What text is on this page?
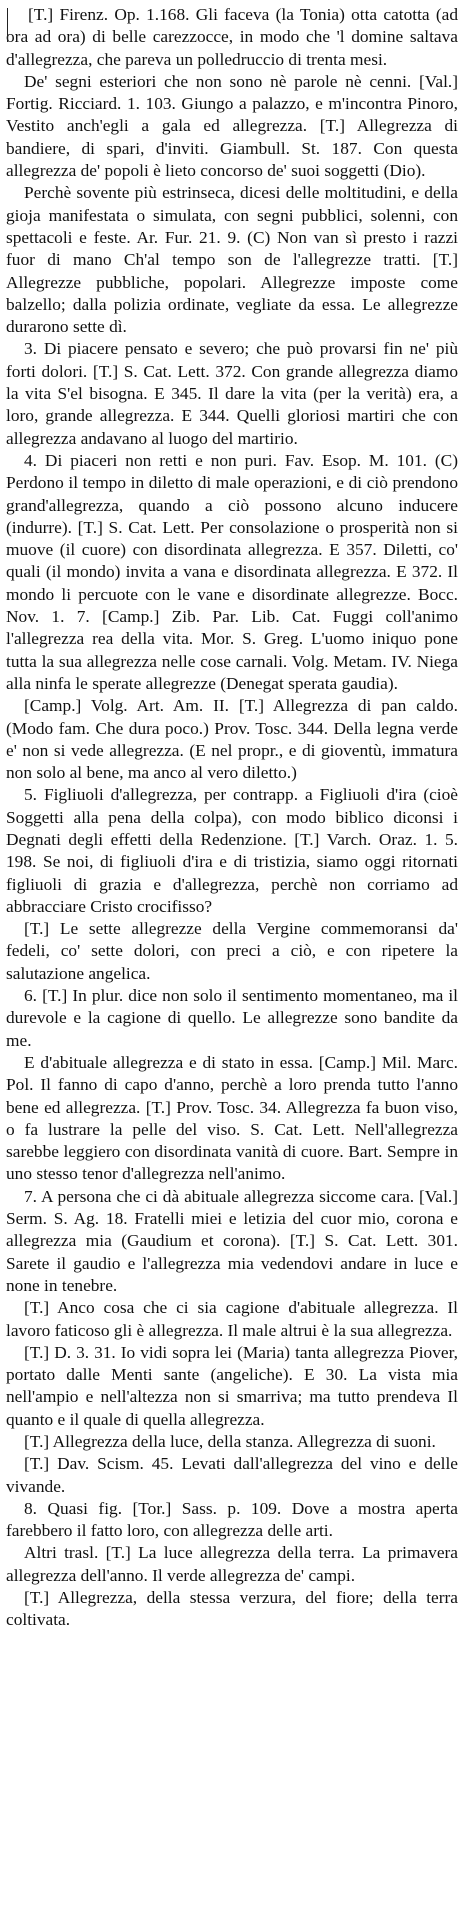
[T.] Firenz. Op. 1.168. Gli faceva (la Tonia) otta catotta (ad ora ad ora) di belle carezzocce, in modo che 'l domine saltava d'allegrezza, che pareva un polledruccio di trenta mesi.

De' segni esteriori che non sono nè parole nè cenni. [Val.] Fortig. Ricciard. 1. 103. Giungo a palazzo, e m'incontra Pinoro, Vestito anch'egli a gala ed allegrezza. [T.] Allegrezza di bandiere, di spari, d'inviti. Giambull. St. 187. Con questa allegrezza de' popoli è lieto concorso de' suoi soggetti (Dio).

Perchè sovente più estrinseca, dicesi delle moltitudini, e della gioja manifestata o simulata, con segni pubblici, solenni, con spettacoli e feste. Ar. Fur. 21. 9. (C) Non van sì presto i razzi fuor di mano Ch'al tempo son de l'allegrezze tratti. [T.] Allegrezze pubbliche, popolari. Allegrezze imposte come balzello; dalla polizia ordinate, vegliate da essa. Le allegrezze durarono sette dì.

3. Di piacere pensato e severo; che può provarsi fin ne' più forti dolori. [T.] S. Cat. Lett. 372. Con grande allegrezza diamo la vita S'el bisogna. E 345. Il dare la vita (per la verità) era, a loro, grande allegrezza. E 344. Quelli gloriosi martiri che con allegrezza andavano al luogo del martirio.

4. Di piaceri non retti e non puri. Fav. Esop. M. 101. (C) Perdono il tempo in diletto di male operazioni, e di ciò prendono grand'allegrezza, quando a ciò possono alcuno inducere (indurre). [T.] S. Cat. Lett. Per consolazione o prosperità non si muove (il cuore) con disordinata allegrezza. E 357. Diletti, co' quali (il mondo) invita a vana e disordinata allegrezza. E 372. Il mondo li percuote con le vane e disordinate allegrezze. Bocc. Nov. 1. 7. [Camp.] Zib. Par. Lib. Cat. Fuggi coll'animo l'allegrezza rea della vita. Mor. S. Greg. L'uomo iniquo pone tutta la sua allegrezza nelle cose carnali. Volg. Metam. IV. Niega alla ninfa le sperate allegrezze (Denegat sperata gaudia).

[Camp.] Volg. Art. Am. II. [T.] Allegrezza di pan caldo. (Modo fam. Che dura poco.) Prov. Tosc. 344. Della legna verde e' non si vede allegrezza. (E nel propr., e di gioventù, immatura non solo al bene, ma anco al vero diletto.)

5. Figliuoli d'allegrezza, per contrapp. a Figliuoli d'ira (cioè Soggetti alla pena della colpa), con modo biblico diconsi i Degnati degli effetti della Redenzione. [T.] Varch. Oraz. 1. 5. 198. Se noi, di figliuoli d'ira e di tristizia, siamo oggi ritornati figliuoli di grazia e d'allegrezza, perchè non corriamo ad abbracciare Cristo crocifisso?

[T.] Le sette allegrezze della Vergine commemoransi da' fedeli, co' sette dolori, con preci a ciò, e con ripetere la salutazione angelica.

6. [T.] In plur. dice non solo il sentimento momentaneo, ma il durevole e la cagione di quello. Le allegrezze sono bandite da me.

E d'abituale allegrezza e di stato in essa. [Camp.] Mil. Marc. Pol. Il fanno di capo d'anno, perchè a loro prenda tutto l'anno bene ed allegrezza. [T.] Prov. Tosc. 34. Allegrezza fa buon viso, o fa lustrare la pelle del viso. S. Cat. Lett. Nell'allegrezza sarebbe leggiero con disordinata vanità di cuore. Bart. Sempre in uno stesso tenor d'allegrezza nell'animo.

7. A persona che ci dà abituale allegrezza siccome cara. [Val.] Serm. S. Ag. 18. Fratelli miei e letizia del cuor mio, corona e allegrezza mia (Gaudium et corona). [T.] S. Cat. Lett. 301. Sarete il gaudio e l'allegrezza mia vedendovi andare in luce e none in tenebre.

[T.] Anco cosa che ci sia cagione d'abituale allegrezza. Il lavoro faticoso gli è allegrezza. Il male altrui è la sua allegrezza.

[T.] D. 3. 31. Io vidi sopra lei (Maria) tanta allegrezza Piover, portato dalle Menti sante (angeliche). E 30. La vista mia nell'ampio e nell'altezza non si smarriva; ma tutto prendeva Il quanto e il quale di quella allegrezza.

[T.] Allegrezza della luce, della stanza. Allegrezza di suoni.

[T.] Dav. Scism. 45. Levati dall'allegrezza del vino e delle vivande.

8. Quasi fig. [Tor.] Sass. p. 109. Dove a mostra aperta farebbero il fatto loro, con allegrezza delle arti.

Altri trasl. [T.] La luce allegrezza della terra. La primavera allegrezza dell'anno. Il verde allegrezza de' campi.

[T.] Allegrezza, della stessa verzura, del fiore; della terra coltivata.
